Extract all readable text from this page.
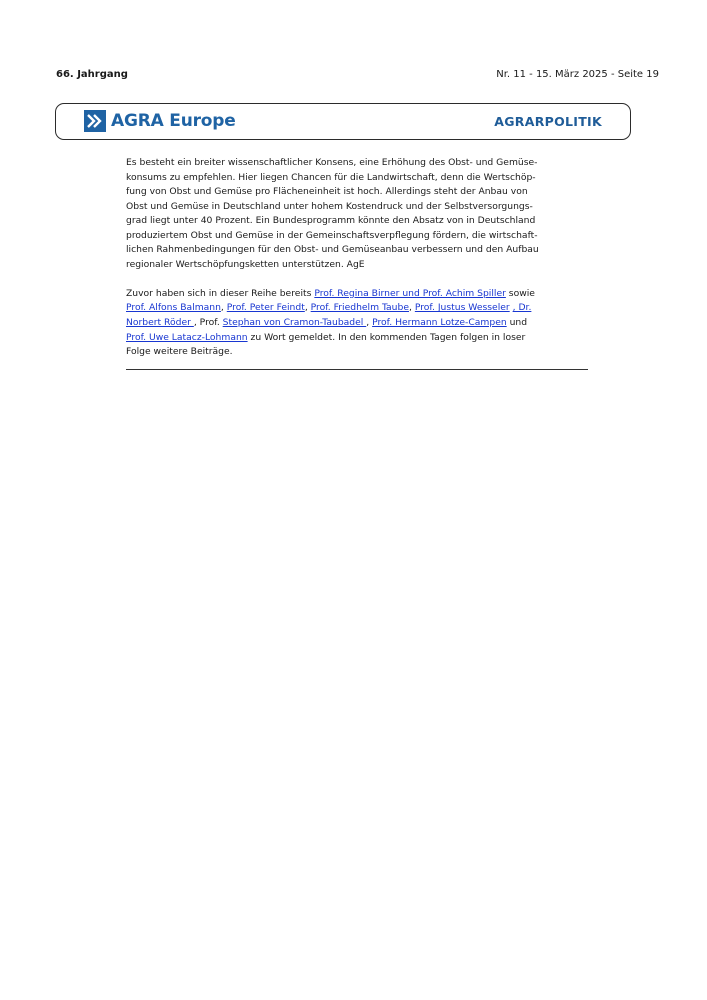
66. Jahrgang	Nr. 11 - 15. März 2025 - Seite 19
AGRA Europe	AGRARPOLITIK

Es besteht ein breiter wissenschaftlicher Konsens, eine Erhöhung des Obst- und Gemüse-
konsums zu empfehlen. Hier liegen Chancen für die Landwirtschaft, denn die Wertschöp-
fung von Obst und Gemüse pro Flächeneinheit ist hoch. Allerdings steht der Anbau von
Obst und Gemüse in Deutschland unter hohem Kostendruck und der Selbstversorgungs-
grad liegt unter 40 Prozent. Ein Bundesprogramm könnte den Absatz von in Deutschland
produziertem Obst und Gemüse in der Gemeinschaftsverpflegung fördern, die wirtschaft-
lichen Rahmenbedingungen für den Obst- und Gemüseanbau verbessern und den Aufbau
regionaler Wertschöpfungsketten unterstützen. AgE

Zuvor haben sich in dieser Reihe bereits Prof. Regina Birner und Prof. Achim Spiller sowie
Prof. Alfons Balmann, Prof. Peter Feindt, Prof. Friedhelm Taube, Prof. Justus Wesseler , Dr.
Norbert Röder , Prof. Stephan von Cramon-Taubadel , Prof. Hermann Lotze-Campen und
Prof. Uwe Latacz-Lohmann zu Wort gemeldet. In den kommenden Tagen folgen in loser
Folge weitere Beiträge.
